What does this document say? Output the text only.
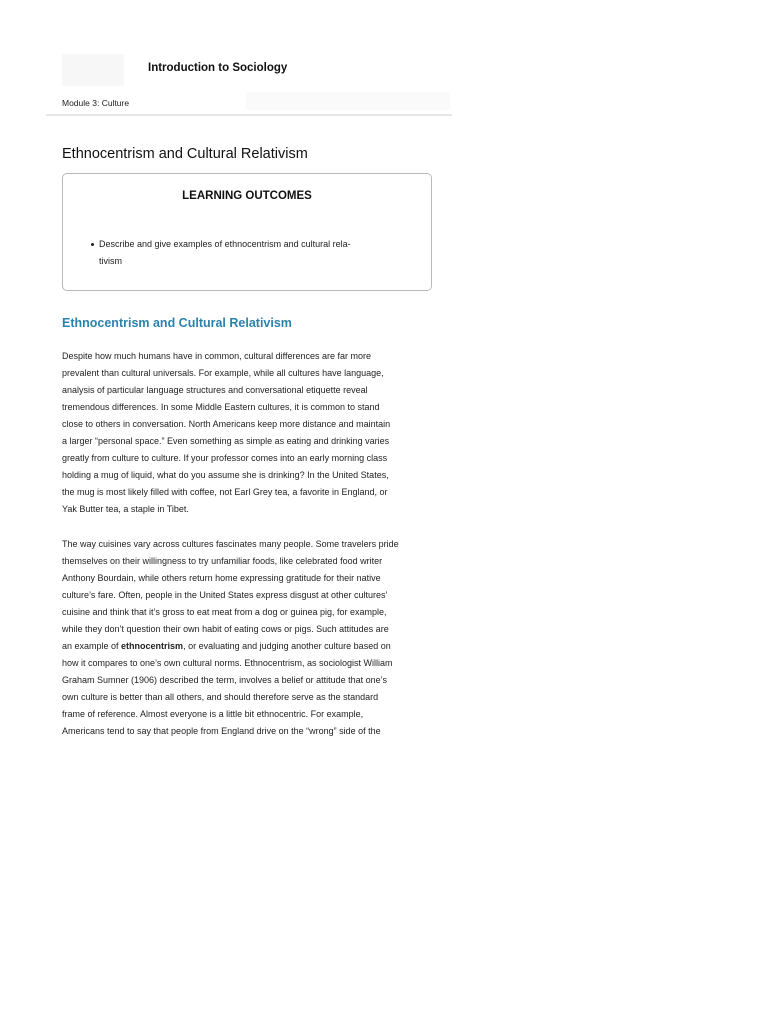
Introduction to Sociology
Module 3: Culture
Ethnocentrism and Cultural Relativism
LEARNING OUTCOMES
Describe and give examples of ethnocentrism and cultural rela-
tivism
Ethnocentrism and Cultural Relativism

Despite how much humans have in common, cultural differences are far more
prevalent than cultural universals. For example, while all cultures have language,
analysis of particular language structures and conversational etiquette reveal
tremendous differences. In some Middle Eastern cultures, it is common to stand
close to others in conversation. North Americans keep more distance and maintain
a larger “personal space.” Even something as simple as eating and drinking varies
greatly from culture to culture. If your professor comes into an early morning class
holding a mug of liquid, what do you assume she is drinking? In the United States,
the mug is most likely filled with coffee, not Earl Grey tea, a favorite in England, or
Yak Butter tea, a staple in Tibet.

The way cuisines vary across cultures fascinates many people. Some travelers pride
themselves on their willingness to try unfamiliar foods, like celebrated food writer
Anthony Bourdain, while others return home expressing gratitude for their native
culture’s fare. Often, people in the United States express disgust at other cultures’
cuisine and think that it’s gross to eat meat from a dog or guinea pig, for example,
while they don’t question their own habit of eating cows or pigs. Such attitudes are
an example of ethnocentrism, or evaluating and judging another culture based on
how it compares to one’s own cultural norms. Ethnocentrism, as sociologist William
Graham Sumner (1906) described the term, involves a belief or attitude that one’s
own culture is better than all others, and should therefore serve as the standard
frame of reference. Almost everyone is a little bit ethnocentric. For example,
Americans tend to say that people from England drive on the “wrong” side of the
